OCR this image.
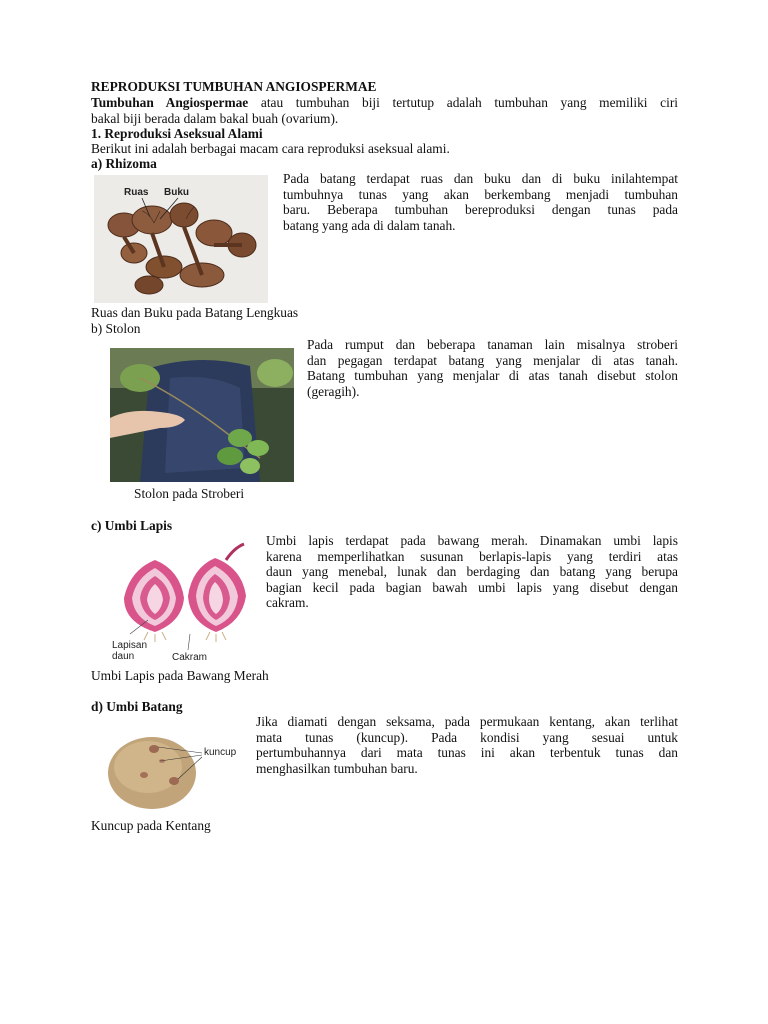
REPRODUKSI TUMBUHAN ANGIOSPERMAE
Tumbuhan Angiospermae atau tumbuhan biji tertutup adalah tumbuhan yang memiliki ciri
bakal biji berada dalam bakal buah (ovarium).
1. Reproduksi Aseksual Alami
Berikut ini adalah berbagai macam cara reproduksi aseksual alami.
a) Rhizoma
Pada batang terdapat ruas dan buku dan di buku inilahtempat
tumbuhnya tunas yang akan berkembang menjadi tumbuhan
baru. Beberapa tumbuhan bereproduksi dengan tunas pada
batang yang ada di dalam tanah.
Ruas Buku
Ruas dan Buku pada Batang Lengkuas
b) Stolon
Pada rumput dan beberapa tanaman lain misalnya stroberi
dan pegagan terdapat batang yang menjalar di atas tanah.
Batang tumbuhan yang menjalar di atas tanah disebut stolon
(geragih).
Stolon pada Stroberi
c) Umbi Lapis
Umbi lapis terdapat pada bawang merah. Dinamakan umbi lapis
karena memperlihatkan susunan berlapis-lapis yang terdiri atas
daun yang menebal, lunak dan berdaging dan batang yang berupa
bagian kecil pada bagian bawah umbi lapis yang disebut dengan
cakram.
Lapisan
daun	Cakram
Umbi Lapis pada Bawang Merah
d) Umbi Batang
Jika diamati dengan seksama, pada permukaan kentang, akan terlihat
mata tunas (kuncup). Pada kondisi yang sesuai untuk
pertumbuhannya dari mata tunas ini akan terbentuk tunas dan
menghasilkan tumbuhan baru.
kuncup
Kuncup pada Kentang
